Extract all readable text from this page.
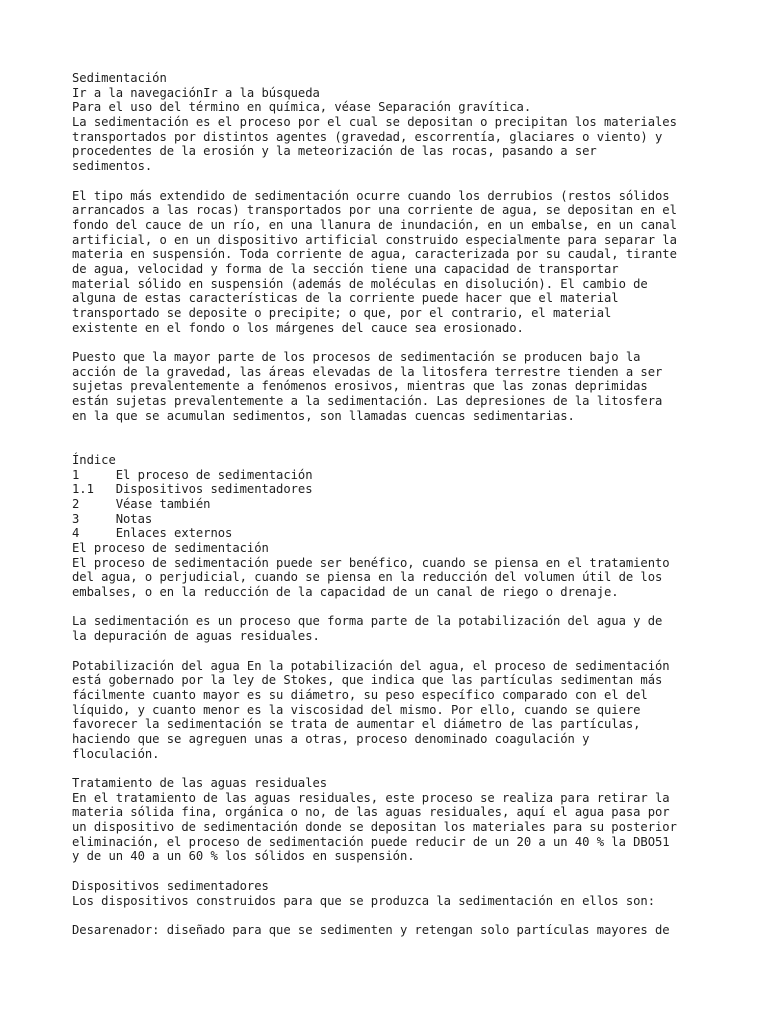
Sedimentación
Ir a la navegaciónIr a la búsqueda
Para el uso del término en química, véase Separación gravítica.
La sedimentación es el proceso por el cual se depositan o precipitan los materiales
transportados por distintos agentes (gravedad, escorrentía, glaciares o viento) y
procedentes de la erosión y la meteorización de las rocas, pasando a ser
sedimentos.
El tipo más extendido de sedimentación ocurre cuando los derrubios (restos sólidos
arrancados a las rocas) transportados por una corriente de agua, se depositan en el
fondo del cauce de un río, en una llanura de inundación, en un embalse, en un canal
artificial, o en un dispositivo artificial construido especialmente para separar la
materia en suspensión. Toda corriente de agua, caracterizada por su caudal, tirante
de agua, velocidad y forma de la sección tiene una capacidad de transportar
material sólido en suspensión (además de moléculas en disolución). El cambio de
alguna de estas características de la corriente puede hacer que el material
transportado se deposite o precipite; o que, por el contrario, el material
existente en el fondo o los márgenes del cauce sea erosionado.
Puesto que la mayor parte de los procesos de sedimentación se producen bajo la
acción de la gravedad, las áreas elevadas de la litosfera terrestre tienden a ser
sujetas prevalentemente a fenómenos erosivos, mientras que las zonas deprimidas
están sujetas prevalentemente a la sedimentación. Las depresiones de la litosfera
en la que se acumulan sedimentos, son llamadas cuencas sedimentarias.
Índice
1     El proceso de sedimentación
1.1   Dispositivos sedimentadores
2     Véase también
3     Notas
4     Enlaces externos
El proceso de sedimentación
El proceso de sedimentación puede ser benéfico, cuando se piensa en el tratamiento
del agua, o perjudicial, cuando se piensa en la reducción del volumen útil de los
embalses, o en la reducción de la capacidad de un canal de riego o drenaje.
La sedimentación es un proceso que forma parte de la potabilización del agua y de
la depuración de aguas residuales.
Potabilización del agua En la potabilización del agua, el proceso de sedimentación
está gobernado por la ley de Stokes, que indica que las partículas sedimentan más
fácilmente cuanto mayor es su diámetro, su peso específico comparado con el del
líquido, y cuanto menor es la viscosidad del mismo. Por ello, cuando se quiere
favorecer la sedimentación se trata de aumentar el diámetro de las partículas,
haciendo que se agreguen unas a otras, proceso denominado coagulación y
floculación.
Tratamiento de las aguas residuales
En el tratamiento de las aguas residuales, este proceso se realiza para retirar la
materia sólida fina, orgánica o no, de las aguas residuales, aquí el agua pasa por
un dispositivo de sedimentación donde se depositan los materiales para su posterior
eliminación, el proceso de sedimentación puede reducir de un 20 a un 40 % la DBO51
y de un 40 a un 60 % los sólidos en suspensión.
Dispositivos sedimentadores
Los dispositivos construidos para que se produzca la sedimentación en ellos son:
Desarenador: diseñado para que se sedimenten y retengan solo partículas mayores de
